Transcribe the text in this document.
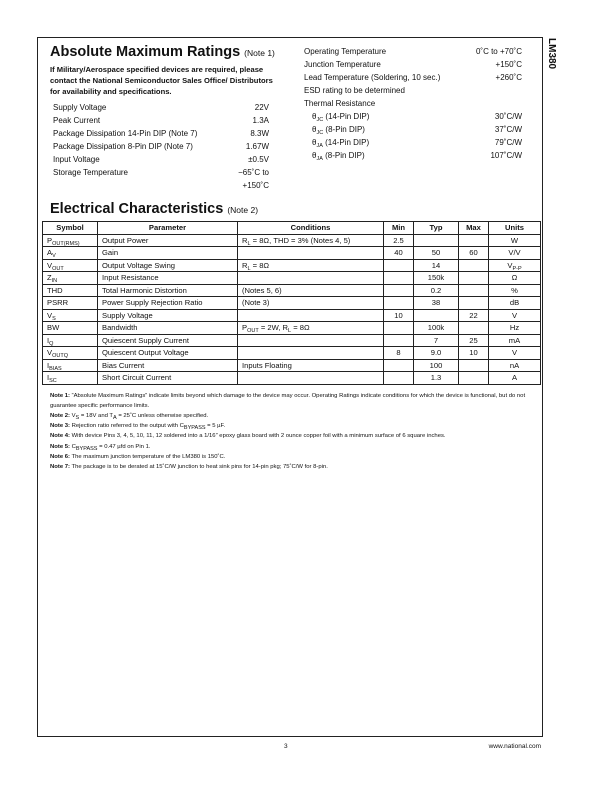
LM380
Absolute Maximum Ratings (Note 1)
If Military/Aerospace specified devices are required, please contact the National Semiconductor Sales Office/ Distributors for availability and specifications.
Supply Voltage	22V
Peak Current	1.3A
Package Dissipation 14-Pin DIP (Note 7)	8.3W
Package Dissipation 8-Pin DIP (Note 7)	1.67W
Input Voltage	±0.5V
Storage Temperature	−65˚C to +150˚C
Operating Temperature	0˚C to +70˚C
Junction Temperature	+150˚C
Lead Temperature (Soldering, 10 sec.)	+260˚C
ESD rating to be determined
Thermal Resistance
$\theta_{JC}$ (14-Pin DIP)	30˚C/W
$\theta_{JC}$ (8-Pin DIP)	37˚C/W
$\theta_{JA}$ (14-Pin DIP)	79˚C/W
$\theta_{JA}$ (8-Pin DIP)	107˚C/W
Electrical Characteristics (Note 2)
Symbol	Parameter	Conditions	Min	Typ	Max	Units
$P_{OUT(RMS)}$	Output Power	$R_L = 8\Omega$, THD = 3% (Notes 4, 5)	2.5			W
$A_V$	Gain		40	50	60	V/V
$V_{OUT}$	Output Voltage Swing	$R_L = 8\Omega$		14		$V_{P-P}$
$Z_{IN}$	Input Resistance			150k		Ω
THD	Total Harmonic Distortion	(Notes 5, 6)		0.2		%
PSRR	Power Supply Rejection Ratio	(Note 3)		38		dB
$V_S$	Supply Voltage		10		22	V
BW	Bandwidth	$P_{OUT} = 2W$, $R_L = 8\Omega$		100k		Hz
$I_Q$	Quiescent Supply Current			7	25	mA
$V_{OUTQ}$	Quiescent Output Voltage		8	9.0	10	V
$I_{BIAS}$	Bias Current	Inputs Floating		100		nA
$I_{SC}$	Short Circuit Current			1.3		A
Note 1: “Absolute Maximum Ratings” indicate limits beyond which damage to the device may occur. Operating Ratings indicate conditions for which the device is functional, but do not guarantee specific performance limits.
Note 2: $V_S = 18V$ and $T_A$ = 25˚C unless otherwise specified.
Note 3: Rejection ratio referred to the output with $C_{BYPASS} = 5$ µF.
Note 4: With device Pins 3, 4, 5, 10, 11, 12 soldered into a 1/16″ epoxy glass board with 2 ounce copper foil with a minimum surface of 6 square inches.
Note 5: $C_{BYPASS} = 0.47$ µfd on Pin 1.
Note 6: The maximum junction temperature of the LM380 is 150˚C.
Note 7: The package is to be derated at 15˚C/W junction to heat sink pins for 14-pin pkg; 75˚C/W for 8-pin.
3	www.national.com
